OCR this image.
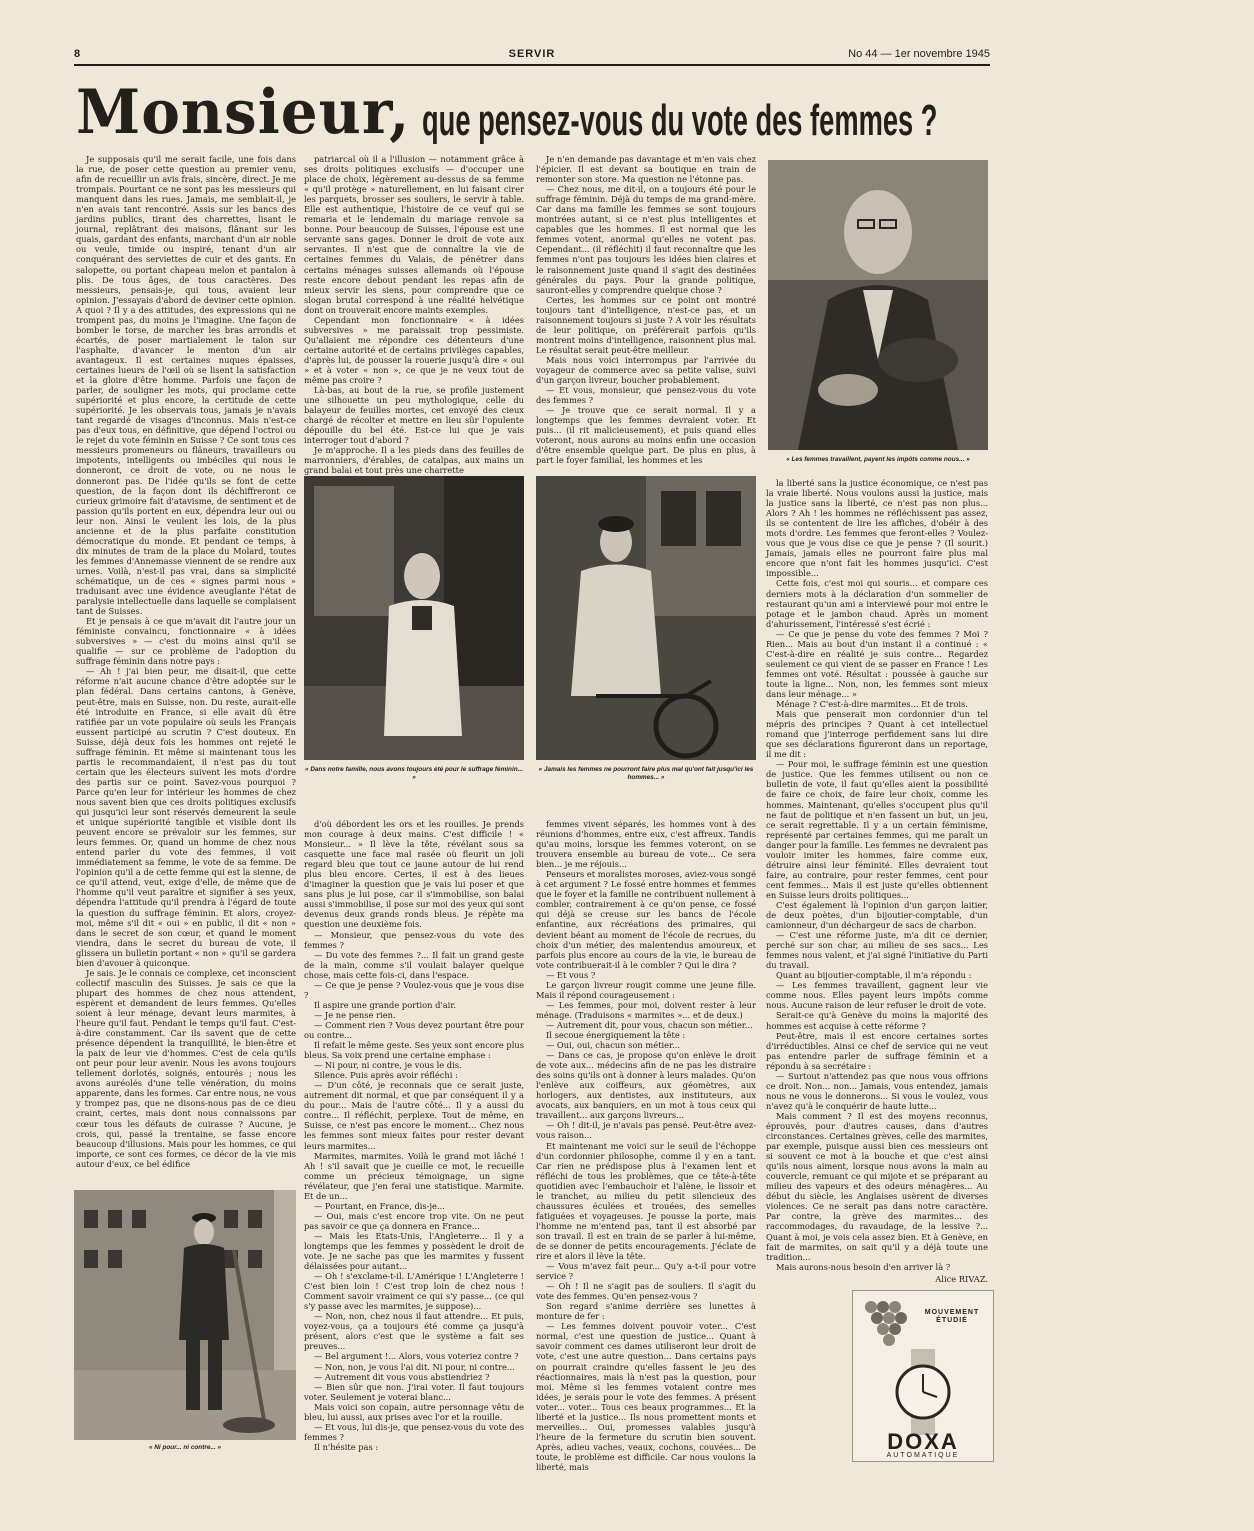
8	SERVIR	No 44 — 1er novembre 1945
Monsieur, que pensez-vous du vote des femmes ?

Je supposais qu'il me serait facile, une fois dans la rue, de poser cette question au premier venu, afin de recueillir un avis frais, sincère, direct. Je me trompais. Pourtant ce ne sont pas les messieurs qui manquent dans les rues. Jamais, me semblait-il, je n'en avais tant rencontré. Assis sur les bancs des jardins publics, tirant des charrettes, lisant le journal, replâtrant des maisons, flânant sur les quais, gardant des enfants, marchant d'un air noble ou veule, timide ou inspiré, tenant d'un air conquérant des serviettes de cuir et des gants. En salopette, ou portant chapeau melon et pantalon à plis. De tous âges, de tous caractères. Des messieurs, pensais-je, qui tous, avaient leur opinion. J'essayais d'abord de deviner cette opinion. A quoi ? Il y a des attitudes, des expressions qui ne trompent pas, du moins je l'imagine. Une façon de bomber le torse, de marcher les bras arrondis et écartés, de poser martialement le talon sur l'asphalte, d'avancer le menton d'un air avantageux. Il est certaines nuques épaisses, certaines lueurs de l'œil où se lisent la satisfaction et la gloire d'être homme. Parfois une façon de parler, de souligner les mots, qui proclame cette supériorité et plus encore, la certitude de cette supériorité. Je les observais tous, jamais je n'avais tant regardé de visages d'inconnus. Mais n'est-ce pas d'eux tous, en définitive, que dépend l'octroi ou le rejet du vote féminin en Suisse ? Ce sont tous ces messieurs promeneurs ou flâneurs, travailleurs ou impotents, intelligents ou imbéciles qui nous le donneront, ce droit de vote, ou ne nous le donneront pas. De l'idée qu'ils se font de cette question, de la façon dont ils déchiffreront ce curieux grimoire fait d'atavisme, de sentiment et de passion qu'ils portent en eux, dépendra leur oui ou leur non. Ainsi le veulent les lois, de la plus ancienne et de la plus parfaite constitution démocratique du monde. Et pendant ce temps, à dix minutes de tram de la place du Molard, toutes les femmes d'Annemasse viennent de se rendre aux urnes. Voilà, n'est-il pas vrai, dans sa simplicité schématique, un de ces « signes parmi nous » traduisant avec une évidence aveuglante l'état de paralysie intellectuelle dans laquelle se complaisent tant de Suisses.

Et je pensais à ce que m'avait dit l'autre jour un féministe convaincu, fonctionnaire « à idées subversives » — c'est du moins ainsi qu'il se qualifie — sur ce problème de l'adoption du suffrage féminin dans notre pays :

— Ah ! j'ai bien peur, me disait-il, que cette réforme n'ait aucune chance d'être adoptée sur le plan fédéral. Dans certains cantons, à Genève, peut-être, mais en Suisse, non. Du reste, aurait-elle été introduite en France, si elle avait dû être ratifiée par un vote populaire où seuls les Français eussent participé au scrutin ? C'est douteux. En Suisse, déjà deux fois les hommes ont rejeté le suffrage féminin. Et même si maintenant tous les partis le recommandaient, il n'est pas du tout certain que les électeurs suivent les mots d'ordre des partis sur ce point. Savez-vous pourquoi ? Parce qu'en leur for intérieur les hommes de chez nous savent bien que ces droits politiques exclusifs qui jusqu'ici leur sont réservés demeurent la seule et unique supériorité tangible et visible dont ils peuvent encore se prévaloir sur les femmes, sur leurs femmes. Or, quand un homme de chez nous entend parler du vote des femmes, il voit immédiatement sa femme, le vote de sa femme. De l'opinion qu'il a de cette femme qui est la sienne, de ce qu'il attend, veut, exige d'elle, de même que de l'homme qu'il veut paraître et signifier à ses yeux, dépendra l'attitude qu'il prendra à l'égard de toute la question du suffrage féminin. Et alors, croyez-moi, même s'il dit « oui » en public, il dit « non » dans le secret de son cœur, et quand le moment viendra, dans le secret du bureau de vote, il glissera un bulletin portant « non » qu'il se gardera bien d'avouer à quiconque.

Je sais. Je le connais ce complexe, cet inconscient collectif masculin des Suisses. Je sais ce que la plupart des hommes de chez nous attendent, espèrent et demandent de leurs femmes. Qu'elles soient à leur ménage, devant leurs marmites, à l'heure qu'il faut. Pendant le temps qu'il faut. C'est-à-dire constamment. Car ils savent que de cette présence dépendent la tranquillité, le bien-être et la paix de leur vie d'hommes. C'est de cela qu'ils ont peur pour leur avenir. Nous les avons toujours tellement dorlotés, soignés, entourés ; nous les avons auréolés d'une telle vénération, du moins apparente, dans les formes. Car entre nous, ne vous y trompez pas, que ne disons-nous pas de ce dieu craint, certes, mais dont nous connaissons par cœur tous les défauts de cuirasse ? Aucune, je crois, qui, passé la trentaine, se fasse encore beaucoup d'illusions. Mais pour les hommes, ce qui importe, ce sont ces formes, ce décor de la vie mis autour d'eux, ce bel édifice

patriarcal où il a l'illusion — notamment grâce à ses droits politiques exclusifs — d'occuper une place de choix, légèrement au-dessus de sa femme « qu'il protège » naturellement, en lui faisant cirer les parquets, brosser ses souliers, le servir à table. Elle est authentique, l'histoire de ce veuf qui se remaria et le lendemain du mariage renvoie sa bonne. Pour beaucoup de Suisses, l'épouse est une servante sans gages. Donner le droit de vote aux servantes. Il n'est que de connaître la vie de certaines femmes du Valais, de pénétrer dans certains ménages suisses allemands où l'épouse reste encore debout pendant les repas afin de mieux servir les siens, pour comprendre que ce slogan brutal correspond à une réalité helvétique dont on trouverait encore maints exemples.

Cependant mon fonctionnaire « à idées subversives » me paraissait trop pessimiste. Qu'allaient me répondre ces détenteurs d'une certaine autorité et de certains privilèges capables, d'après lui, de pousser la rouerie jusqu'à dire « oui » et à voter « non », ce que je ne veux tout de même pas croire ?

Là-bas, au bout de la rue, se profile justement une silhouette un peu mythologique, celle du balayeur de feuilles mortes, cet envoyé des cieux chargé de récolter et mettre en lieu sûr l'opulente dépouille du bel été. Est-ce lui que je vais interroger tout d'abord ?

Je m'approche. Il a les pieds dans des feuilles de marronniers, d'érables, de catalpas, aux mains un grand balai et tout près une charrette

Je n'en demande pas davantage et m'en vais chez l'épicier. Il est devant sa boutique en train de remonter son store. Ma question ne l'étonne pas.

— Chez nous, me dit-il, on a toujours été pour le suffrage féminin. Déjà du temps de ma grand-mère. Car dans ma famille les femmes se sont toujours montrées autant, si ce n'est plus intelligentes et capables que les hommes. Il est normal que les femmes votent, anormal qu'elles ne votent pas. Cependant... (il réfléchit) il faut reconnaître que les femmes n'ont pas toujours les idées bien claires et le raisonnement juste quand il s'agit des destinées générales du pays. Pour la grande politique, sauront-elles y comprendre quelque chose ?

Certes, les hommes sur ce point ont montré toujours tant d'intelligence, n'est-ce pas, et un raisonnement toujours si juste ? A voir les résultats de leur politique, on préférerait parfois qu'ils montrent moins d'intelligence, raisonnent plus mal. Le résultat serait peut-être meilleur.

Mais nous voici interrompus par l'arrivée du voyageur de commerce avec sa petite valise, suivi d'un garçon livreur, boucher probablement.

— Et vous, monsieur, que pensez-vous du vote des femmes ?

— Je trouve que ce serait normal. Il y a longtemps que les femmes devraient voter. Et puis... (il rit malicieusement), et puis quand elles voteront, nous aurons au moins enfin une occasion d'être ensemble quelque part. De plus en plus, à part le foyer familial, les hommes et les	« Les femmes travaillent, payent les impôts comme nous... »
« Dans notre famille, nous avons toujours été pour le suffrage féminin... »
« Jamais les femmes ne pourront faire plus mal qu'ont fait jusqu'ici les hommes... »

la liberté sans la justice économique, ce n'est pas la vraie liberté. Nous voulons aussi la justice, mais la justice sans la liberté, ce n'est pas non plus... Alors ? Ah ! les hommes ne réfléchissent pas assez, ils se contentent de lire les affiches, d'obéir à des mots d'ordre. Les femmes que feront-elles ? Voulez-vous que je vous dise ce que je pense ? (Il sourit.) Jamais, jamais elles ne pourront faire plus mal encore que n'ont fait les hommes jusqu'ici. C'est impossible...

Cette fois, c'est moi qui souris... et compare ces derniers mots à la déclaration d'un sommelier de restaurant qu'un ami a interviewé pour moi entre le potage et le jambon chaud. Après un moment d'ahurissement, l'intéressé s'est écrié :

— Ce que je pense du vote des femmes ? Moi ? Rien... Mais au bout d'un instant il a continué : « C'est-à-dire en réalité je suis contre... Regardez seulement ce qui vient de se passer en France ! Les femmes ont voté. Résultat : poussée à gauche sur toute la ligne... Non, non, les femmes sont mieux dans leur ménage... »

Ménage ? C'est-à-dire marmites... Et de trois.

Mais que penserait mon cordonnier d'un tel mépris des principes ? Quant à cet intellectuel romand que j'interroge perfidement sans lui dire que ses déclarations figureront dans un reportage, il me dit :

— Pour moi, le suffrage féminin est une question de justice. Que les femmes utilisent ou non ce bulletin de vote, il faut qu'elles aient la possibilité de faire ce choix, de faire leur choix, comme les hommes. Maintenant, qu'elles s'occupent plus qu'il ne faut de politique et n'en fassent un but, un jeu, ce serait regrettable. Il y a un certain féminisme, représenté par certaines femmes, qui me paraît un danger pour la famille. Les femmes ne devraient pas vouloir imiter les hommes, faire comme eux, détruire ainsi leur féminité. Elles devraient tout faire, au contraire, pour rester femmes, cent pour cent femmes... Mais il est juste qu'elles obtiennent en Suisse leurs droits politiques...

C'est également là l'opinion d'un garçon laitier, de deux poètes, d'un bijoutier-comptable, d'un camionneur, d'un déchargeur de sacs de charbon.

— C'est une réforme juste, m'a dit ce dernier, perché sur son char, au milieu de ses sacs... Les femmes nous valent, et j'ai signé l'initiative du Parti du travail.

Quant au bijoutier-comptable, il m'a répondu :

— Les femmes travaillent, gagnent leur vie comme nous. Elles payent leurs impôts comme nous. Aucune raison de leur refuser le droit de vote.

Serait-ce qu'à Genève du moins la majorité des hommes est acquise à cette réforme ?

Peut-être, mais il est encore certaines sortes d'irréductibles. Ainsi ce chef de service qui ne veut pas entendre parler de suffrage féminin et a répondu à sa secrétaire :

— Surtout n'attendez pas que nous vous offrions ce droit. Non... non... Jamais, vous entendez, jamais nous ne vous le donnerons... Si vous le voulez, vous n'avez qu'à le conquérir de haute lutte...

Mais comment ? Il est des moyens reconnus, éprouvés, pour d'autres causes, dans d'autres circonstances. Certaines grèves, celle des marmites, par exemple, puisque aussi bien ces messieurs ont si souvent ce mot à la bouche et que c'est ainsi qu'ils nous aiment, lorsque nous avons la main au couvercle, remuant ce qui mijote et se préparant au milieu des vapeurs et des odeurs ménagères... Au début du siècle, les Anglaises usèrent de diverses violences. Ce ne serait pas dans notre caractère. Par contre, la grève des marmites... des raccommodages, du ravaudage, de la lessive ?... Quant à moi, je vois cela assez bien. Et à Genève, en fait de marmites, on sait qu'il y a déjà toute une tradition...

Mais aurons-nous besoin d'en arriver là ?

Alice RIVAZ.

d'où débordent les ors et les rouilles. Je prends mon courage à deux mains. C'est difficile ! « Monsieur... » Il lève la tête, révélant sous sa casquette une face mal rasée où fleurit un joli regard bleu que tout ce jaune autour de lui rend plus bleu encore. Certes, il est à des lieues d'imaginer la question que je vais lui poser et que sans plus je lui pose, car il s'immobilise, son balai aussi s'immobilise, il pose sur moi des yeux qui sont devenus deux grands ronds bleus. Je répète ma question une deuxième fois.

— Monsieur, que pensez-vous du vote des femmes ?

— Du vote des femmes ?... Il fait un grand geste de la main, comme s'il voulait balayer quelque chose, mais cette fois-ci, dans l'espace.

— Ce que je pense ? Voulez-vous que je vous dise ?

Il aspire une grande portion d'air.

— Je ne pense rien.

— Comment rien ? Vous devez pourtant être pour ou contre...

Il refait le même geste. Ses yeux sont encore plus bleus. Sa voix prend une certaine emphase :

— Ni pour, ni contre, je vous le dis.

Silence. Puis après avoir réfléchi :

— D'un côté, je reconnais que ce serait juste, autrement dit normal, et que par conséquent il y a du pour... Mais de l'autre côté... Il y a aussi du contre... Il réfléchit, perplexe. Tout de même, en Suisse, ce n'est pas encore le moment... Chez nous les femmes sont mieux faites pour rester devant leurs marmites...

Marmites, marmites. Voilà le grand mot lâché ! Ah ! s'il savait que je cueille ce mot, le recueille comme un précieux témoignage, un signe révélateur, que j'en ferai une statistique. Marmite. Et de un...

— Pourtant, en France, dis-je...

— Oui, mais c'est encore trop vite. On ne peut pas savoir ce que ça donnera en France...

— Mais les Etats-Unis, l'Angleterre... Il y a longtemps que les femmes y possèdent le droit de vote. Je ne sache pas que les marmites y fussent délaissées pour autant...

— Oh ! s'exclame-t-il. L'Amérique ! L'Angleterre ! C'est bien loin ! C'est trop loin de chez nous ! Comment savoir vraiment ce qui s'y passe... (ce qui s'y passe avec les marmites, je suppose)...

— Non, non, chez nous il faut attendre... Et puis, voyez-vous, ça a toujours été comme ça jusqu'à présent, alors c'est que le système a fait ses preuves...

— Bel argument !... Alors, vous voteriez contre ?

— Non, non, je vous l'ai dit. Ni pour, ni contre...

— Autrement dit vous vous abstiendriez ?

— Bien sûr que non. J'irai voter. Il faut toujours voter. Seulement je voterai blanc...

Mais voici son copain, autre personnage vêtu de bleu, lui aussi, aux prises avec l'or et la rouille.

— Et vous, lui dis-je, que pensez-vous du vote des femmes ?

Il n'hésite pas :

femmes vivent séparés, les hommes vont à des réunions d'hommes, entre eux, c'est affreux. Tandis qu'au moins, lorsque les femmes voteront, on se trouvera ensemble au bureau de vote... Ce sera bien... je me réjouis...

Penseurs et moralistes moroses, aviez-vous songé à cet argument ? Le fossé entre hommes et femmes que le foyer et la famille ne contribuent nullement à combler, contrairement à ce qu'on pense, ce fossé qui déjà se creuse sur les bancs de l'école enfantine, aux récréations des primaires, qui devient béant au moment de l'école de recrues, du choix d'un métier, des malentendus amoureux, et parfois plus encore au cours de la vie, le bureau de vote contribuerait-il à le combler ? Qui le dira ?

— Et vous ?

Le garçon livreur rougit comme une jeune fille. Mais il répond courageusement :

— Les femmes, pour moi, doivent rester à leur ménage. (Traduisons « marmites »... et de deux.)

— Autrement dit, pour vous, chacun son métier...

Il secoue énergiquement la tête :

— Oui, oui, chacun son métier...

— Dans ce cas, je propose qu'on enlève le droit de vote aux... médecins afin de ne pas les distraire des soins qu'ils ont à donner à leurs malades. Qu'on l'enlève aux coiffeurs, aux géomètres, aux horlogers, aux dentistes, aux instituteurs, aux avocats, aux banquiers, en un mot à tous ceux qui travaillent... aux garçons livreurs...

— Oh ! dit-il, je n'avais pas pensé. Peut-être avez-vous raison...

Et maintenant me voici sur le seuil de l'échoppe d'un cordonnier philosophe, comme il y en a tant. Car rien ne prédispose plus à l'examen lent et réfléchi de tous les problèmes, que ce tête-à-tête quotidien avec l'embauchoir et l'alène, le lissoir et le tranchet, au milieu du petit silencieux des chaussures éculées et trouées, des semelles fatiguées et voyageuses. Je pousse la porte, mais l'homme ne m'entend pas, tant il est absorbé par son travail. Il est en train de se parler à lui-même, de se donner de petits encouragements. J'éclate de rire et alors il lève la tête.

— Vous m'avez fait peur... Qu'y a-t-il pour votre service ?

— Oh ! Il ne s'agit pas de souliers. Il s'agit du vote des femmes. Qu'en pensez-vous ?

Son regard s'anime derrière ses lunettes à monture de fer :

— Les femmes doivent pouvoir voter... C'est normal, c'est une question de justice... Quant à savoir comment ces dames utiliseront leur droit de vote, c'est une autre question... Dans certains pays on pourrait craindre qu'elles fassent le jeu des réactionnaires, mais là n'est pas la question, pour moi. Même si les femmes votaient contre mes idées, je serais pour le vote des femmes. A présent voter... voter... Tous ces beaux programmes... Et la liberté et la justice... Ils nous promettent monts et merveilles... Oui, promesses valables jusqu'à l'heure de la fermeture du scrutin bien souvent. Après, adieu vaches, veaux, cochons, couvées... De toute, le problème est difficile. Car nous voulons la liberté, mais

« Ni pour... ni contre... »
MOUVEMENT ÉTUDIÉ
DOXA
AUTOMATIQUE
